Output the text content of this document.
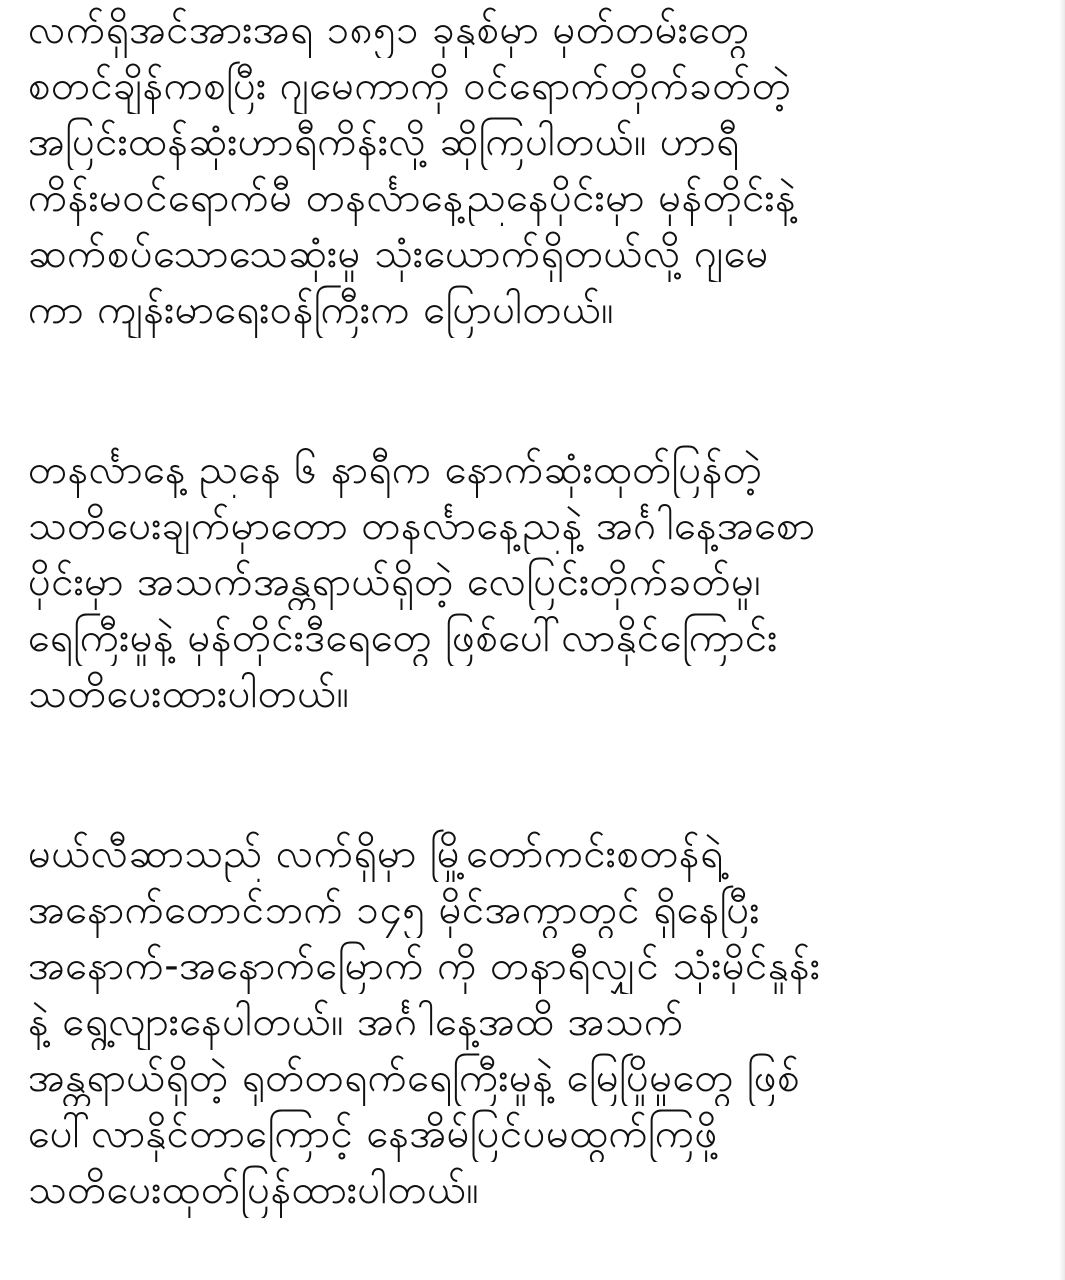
လက်ရှိအင်အားအရ ၁၈၅၁ ခုနှစ်မှာ မှတ်တမ်းတွေ
စတင်ချိန်ကစပြီး ဂျမေကာကို ဝင်ရောက်တိုက်ခတ်တဲ့
အပြင်းထန်ဆုံးဟာရီကိန်းလို့ ဆိုကြပါတယ်။ ဟာရီ
ကိန်းမဝင်ရောက်မီ တနင်္လာနေ့ညနေပိုင်းမှာ မုန်တိုင်းနဲ့
ဆက်စပ်သောသေဆုံးမှု သုံးယောက်ရှိတယ်လို့ ဂျမေ
ကာ ကျန်းမာရေးဝန်ကြီးက ပြောပါတယ်။
တနင်္လာနေ့ ညနေ ၆ နာရီက နောက်ဆုံးထုတ်ပြန်တဲ့
သတိပေးချက်မှာတော တနင်္လာနေ့ညနဲ့ အင်္ဂါနေ့အစော
ပိုင်းမှာ အသက်အန္တရာယ်ရှိတဲ့ လေပြင်းတိုက်ခတ်မှု၊
ရေကြီးမှုနဲ့ မုန်တိုင်းဒီရေတွေ ဖြစ်ပေါ်လာနိုင်ကြောင်း
သတိပေးထားပါတယ်။
မယ်လီဆာသည် လက်ရှိမှာ မြို့တော်ကင်းစတန်ရဲ့
အနောက်တောင်ဘက် ၁၄၅ မိုင်အကွာတွင် ရှိနေပြီး
အနောက်-အနောက်မြောက် ကို တနာရီလျှင် သုံးမိုင်နှုန်း
နဲ့ ရွေ့လျားနေပါတယ်။ အင်္ဂါနေ့အထိ အသက်
အန္တရာယ်ရှိတဲ့ ရုတ်တရက်ရေကြီးမှုနဲ့ မြေပြိုမှုတွေ ဖြစ်
ပေါ်လာနိုင်တာကြောင့် နေအိမ်ပြင်ပမထွက်ကြဖို့
သတိပေးထုတ်ပြန်ထားပါတယ်။
